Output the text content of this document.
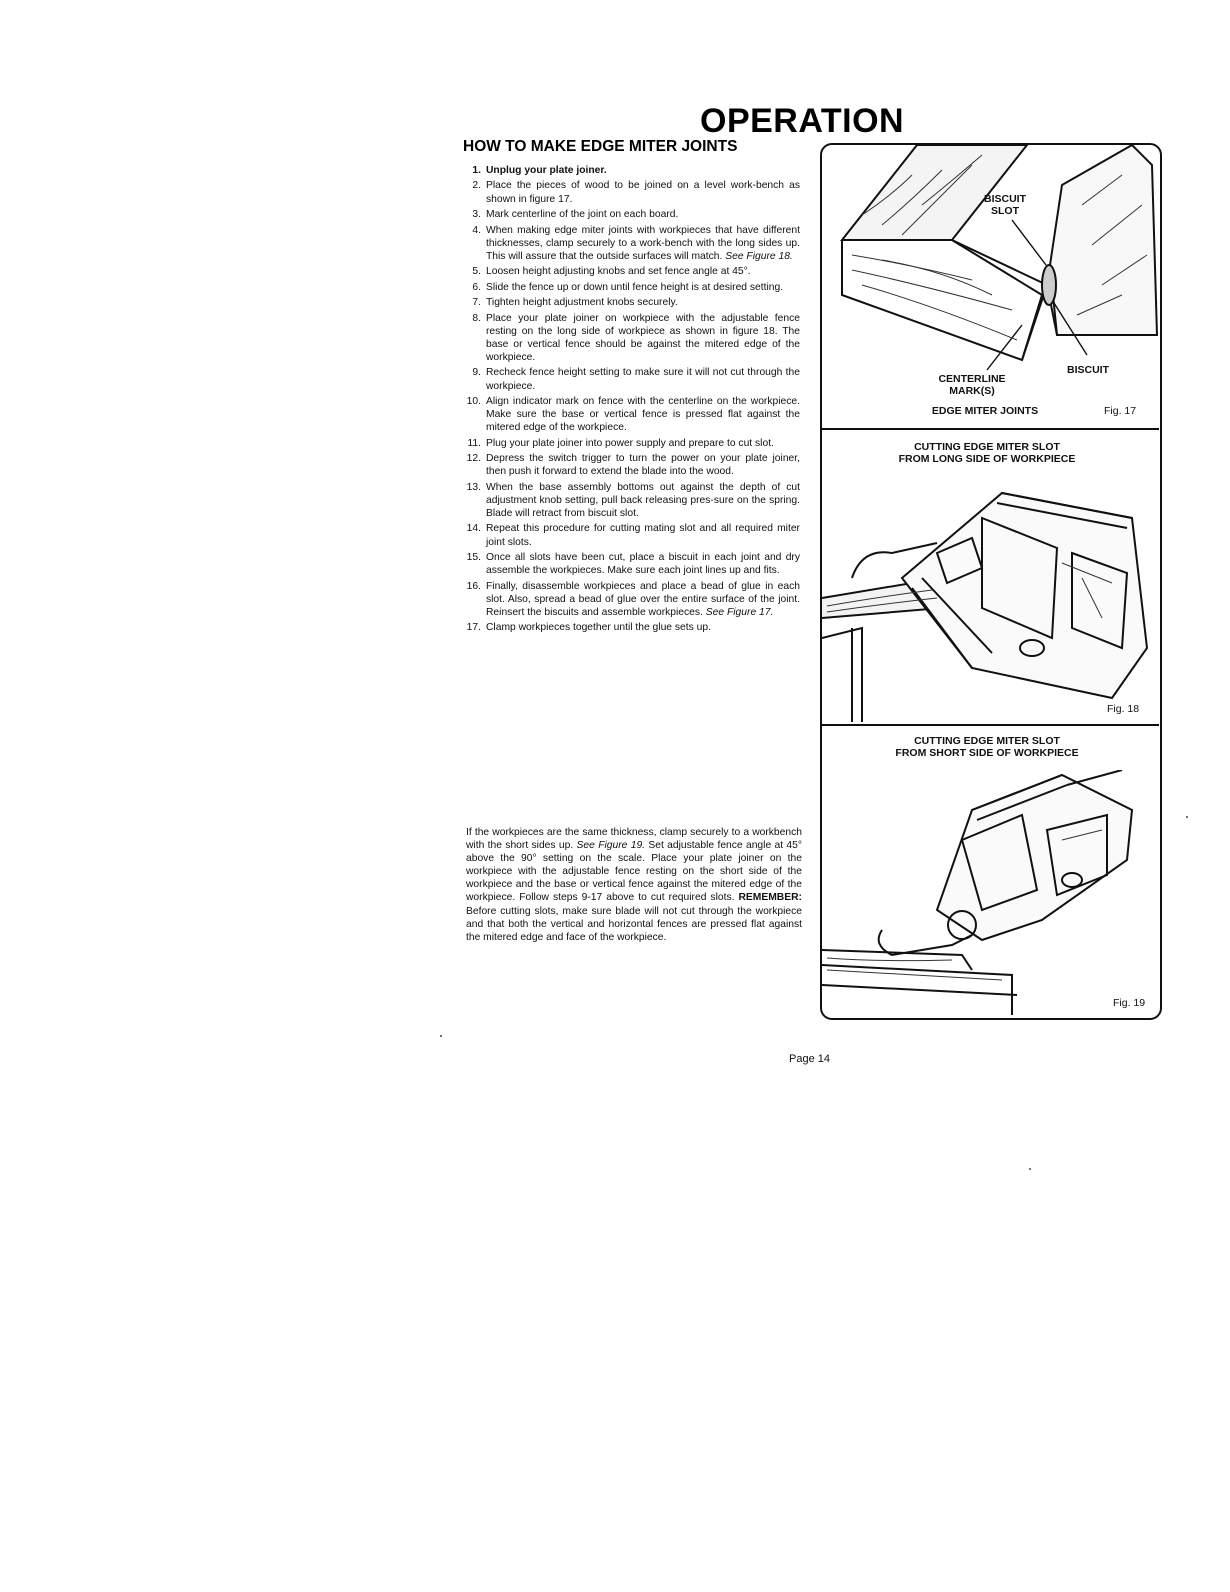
OPERATION
HOW TO MAKE EDGE MITER JOINTS
1. Unplug your plate joiner.
2. Place the pieces of wood to be joined on a level work-bench as shown in figure 17.
3. Mark centerline of the joint on each board.
4. When making edge miter joints with workpieces that have different thicknesses, clamp securely to a work-bench with the long sides up. This will assure that the outside surfaces will match. See Figure 18.
5. Loosen height adjusting knobs and set fence angle at 45°.
6. Slide the fence up or down until fence height is at desired setting.
7. Tighten height adjustment knobs securely.
8. Place your plate joiner on workpiece with the adjustable fence resting on the long side of workpiece as shown in figure 18. The base or vertical fence should be against the mitered edge of the workpiece.
9. Recheck fence height setting to make sure it will not cut through the workpiece.
10. Align indicator mark on fence with the centerline on the workpiece. Make sure the base or vertical fence is pressed flat against the mitered edge of the workpiece.
11. Plug your plate joiner into power supply and prepare to cut slot.
12. Depress the switch trigger to turn the power on your plate joiner, then push it forward to extend the blade into the wood.
13. When the base assembly bottoms out against the depth of cut adjustment knob setting, pull back releasing pres-sure on the spring. Blade will retract from biscuit slot.
14. Repeat this procedure for cutting mating slot and all required miter joint slots.
15. Once all slots have been cut, place a biscuit in each joint and dry assemble the workpieces. Make sure each joint lines up and fits.
16. Finally, disassemble workpieces and place a bead of glue in each slot. Also, spread a bead of glue over the entire surface of the joint. Reinsert the biscuits and assemble workpieces. See Figure 17.
17. Clamp workpieces together until the glue sets up.

If the workpieces are the same thickness, clamp securely to a workbench with the short sides up. See Figure 19. Set adjustable fence angle at 45° above the 90° setting on the scale. Place your plate joiner on the workpiece with the adjustable fence resting on the short side of the workpiece and the base or vertical fence against the mitered edge of the workpiece. Follow steps 9-17 above to cut required slots. REMEMBER: Before cutting slots, make sure blade will not cut through the workpiece and that both the vertical and horizontal fences are pressed flat against the mitered edge and face of the workpiece.

Page 14
BISCUIT
SLOT
BISCUIT
CENTERLINE
MARK(S)
EDGE MITER JOINTS	Fig. 17
CUTTING EDGE MITER SLOT
FROM LONG SIDE OF WORKPIECE
Fig. 18
CUTTING EDGE MITER SLOT
FROM SHORT SIDE OF WORKPIECE
Fig. 19
